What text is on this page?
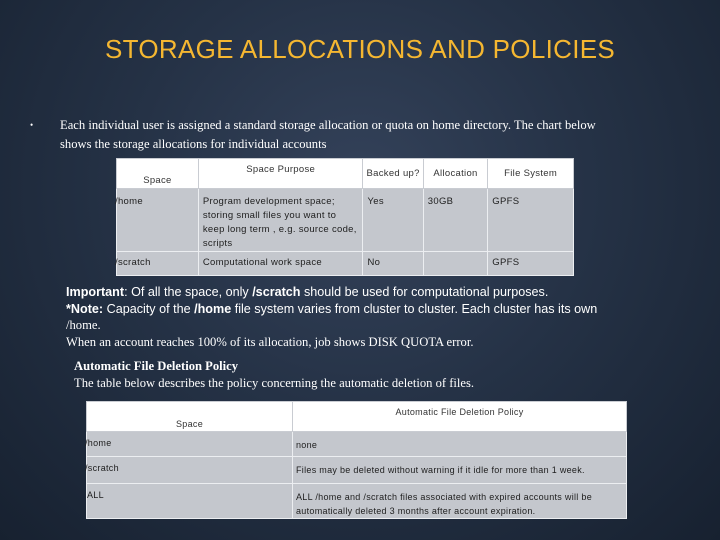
STORAGE ALLOCATIONS AND POLICIES
• Each individual user is assigned a standard storage allocation or quota on home directory. The chart below
shows the storage allocations for individual accounts
Space	Space Purpose	Backed up?	Allocation	File System

/home	Program development space; storing small files you want to keep long term , e.g. source code, scripts	Yes	30GB	GPFS

/scratch	Computational work space	No		GPFS
Important: Of all the space, only /scratch should be used for computational purposes.
*Note: Capacity of the /home file system varies from cluster to cluster. Each cluster has its own
/home.
When an account reaches 100% of its allocation, job shows DISK QUOTA error.
Automatic File Deletion Policy
The table below describes the policy concerning the automatic deletion of files.
Space	Automatic File Deletion Policy

/home	none

/scratch	Files may be deleted without warning if it idle for more than 1 week.

ALL	ALL /home and /scratch files associated with expired accounts will be automatically deleted 3 months after account expiration.
